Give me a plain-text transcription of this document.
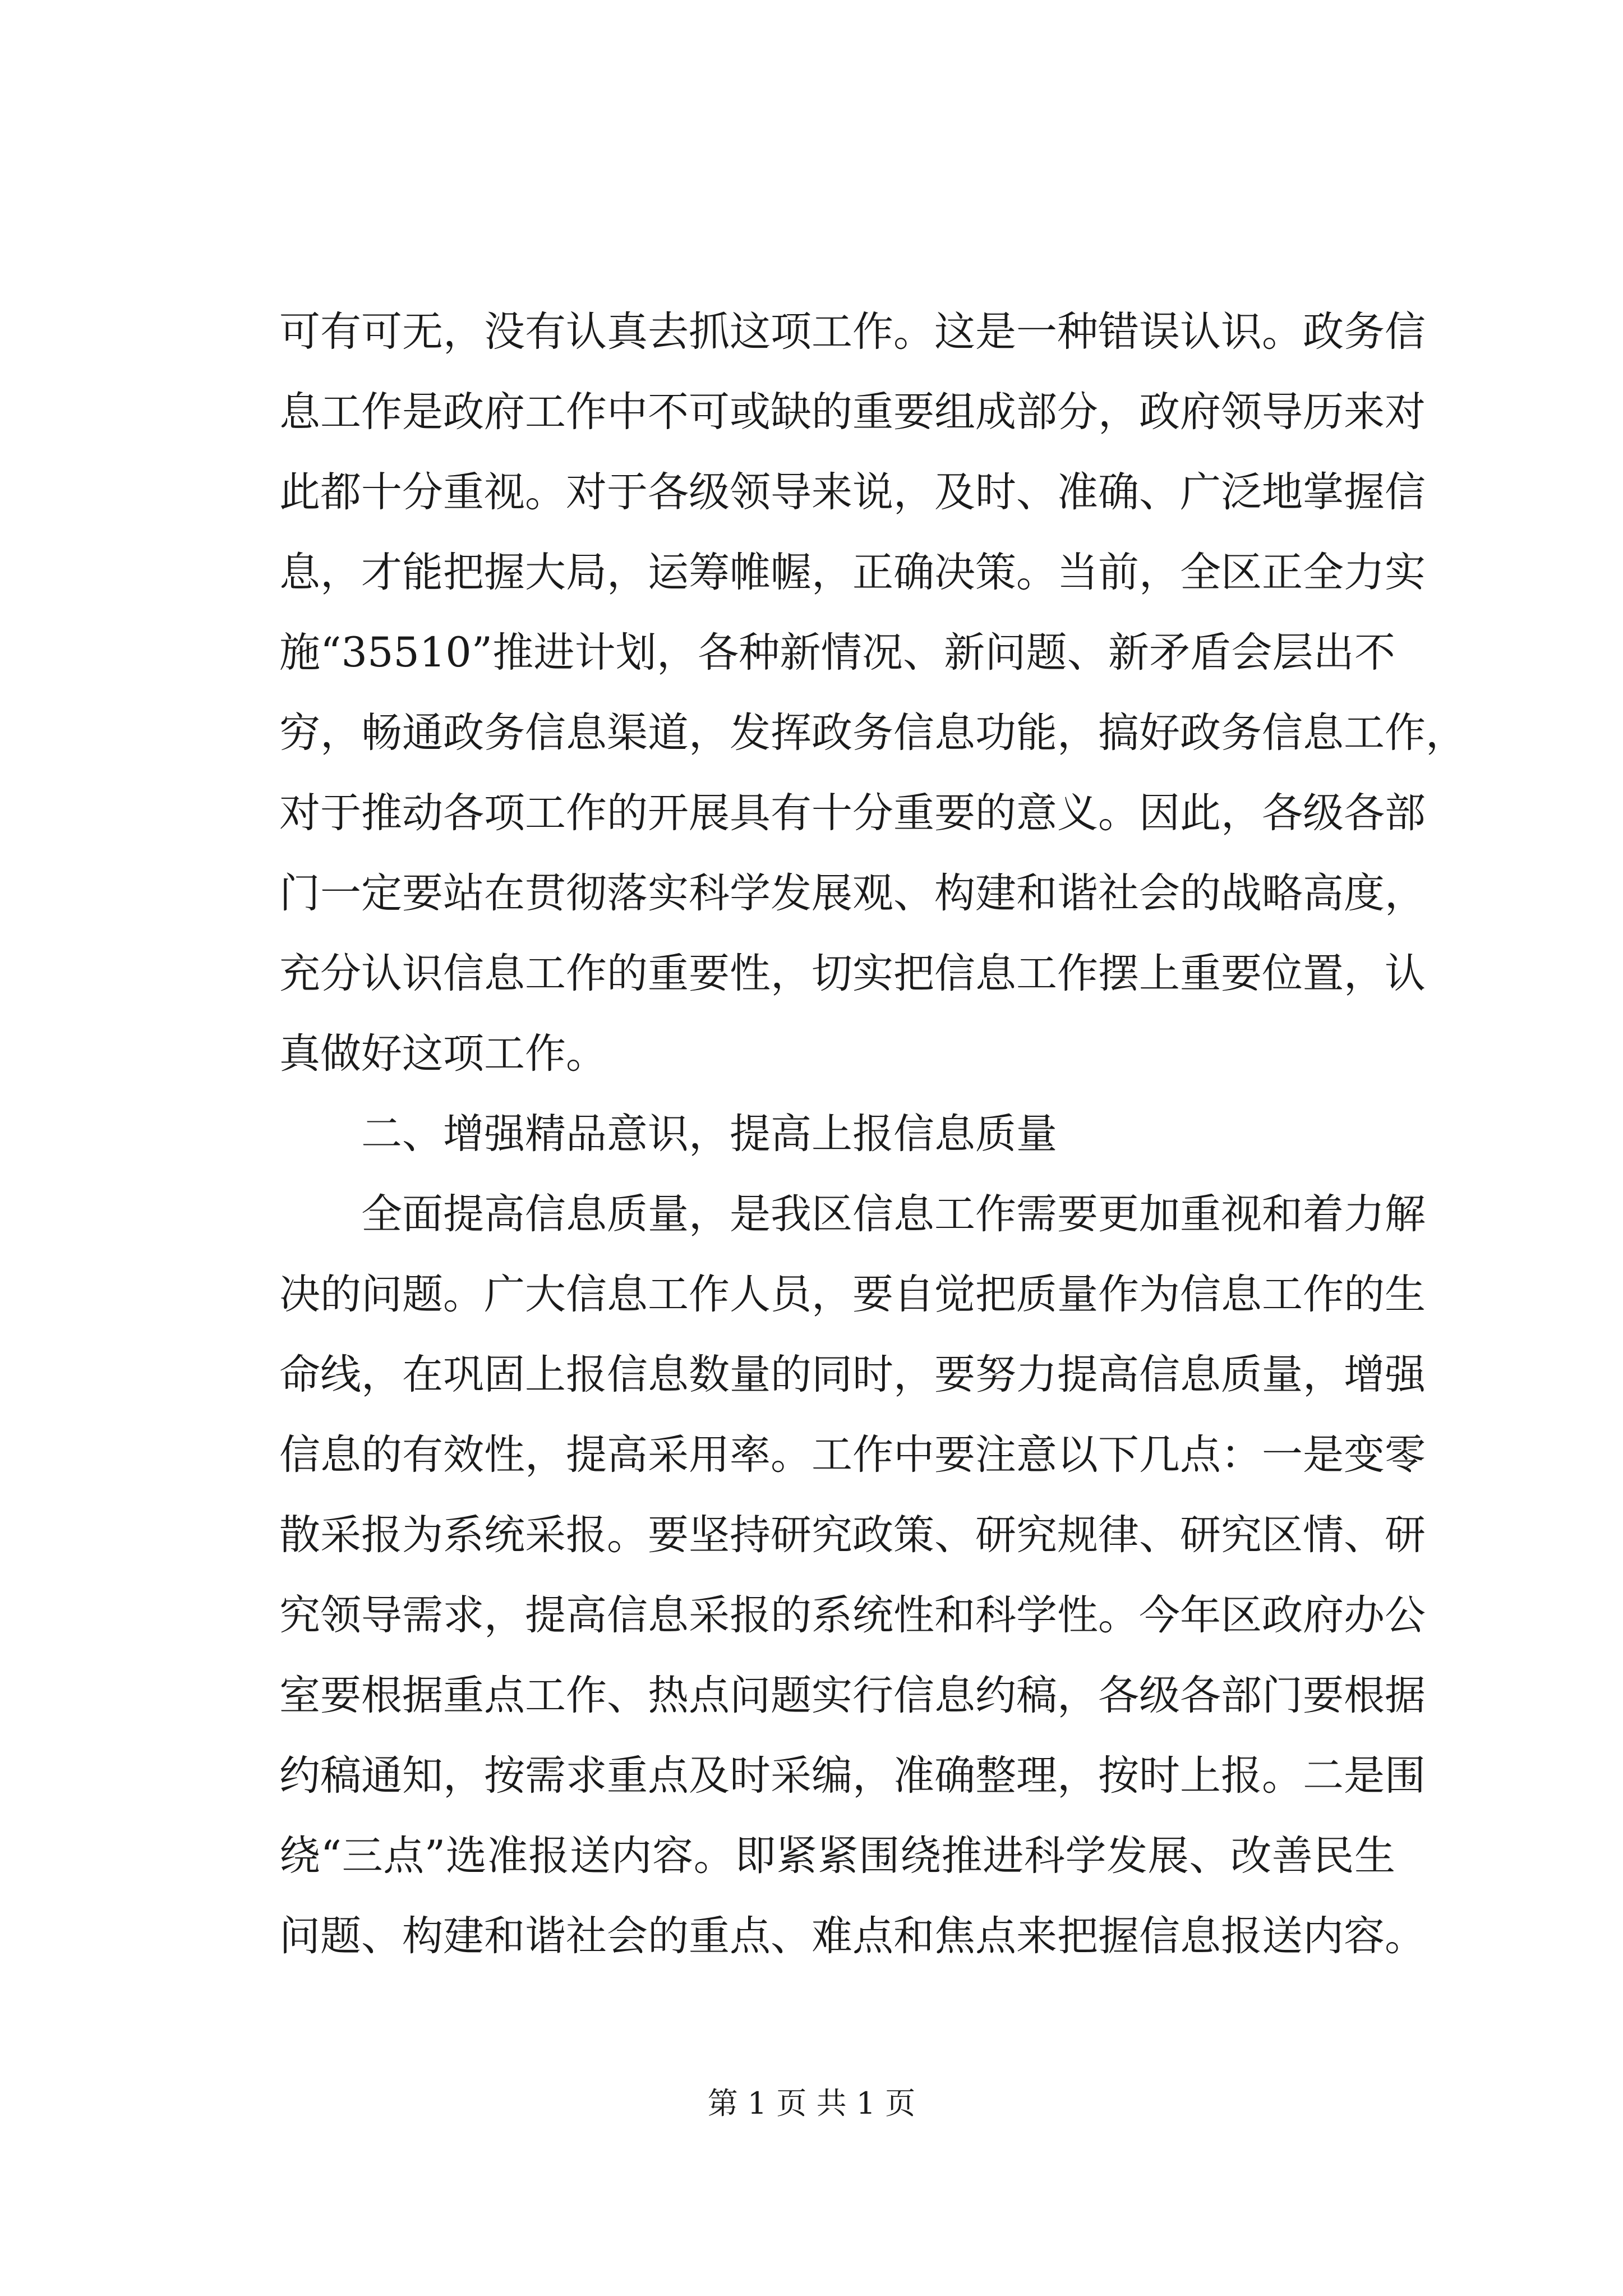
可有可无，没有认真去抓这项工作。这是一种错误认识。政务信
息工作是政府工作中不可或缺的重要组成部分，政府领导历来对
此都十分重视。对于各级领导来说，及时、准确、广泛地掌握信
息，才能把握大局，运筹帷幄，正确决策。当前，全区正全力实
施“35510”推进计划，各种新情况、新问题、新矛盾会层出不
穷，畅通政务信息渠道，发挥政务信息功能，搞好政务信息工作，
对于推动各项工作的开展具有十分重要的意义。因此，各级各部
门一定要站在贯彻落实科学发展观、构建和谐社会的战略高度，
充分认识信息工作的重要性，切实把信息工作摆上重要位置，认
真做好这项工作。
二、增强精品意识，提高上报信息质量
全面提高信息质量，是我区信息工作需要更加重视和着力解
决的问题。广大信息工作人员，要自觉把质量作为信息工作的生
命线，在巩固上报信息数量的同时，要努力提高信息质量，增强
信息的有效性，提高采用率。工作中要注意以下几点：一是变零
散采报为系统采报。要坚持研究政策、研究规律、研究区情、研
究领导需求，提高信息采报的系统性和科学性。今年区政府办公
室要根据重点工作、热点问题实行信息约稿，各级各部门要根据
约稿通知，按需求重点及时采编，准确整理，按时上报。二是围
绕“三点”选准报送内容。即紧紧围绕推进科学发展、改善民生
问题、构建和谐社会的重点、难点和焦点来把握信息报送内容。
第 1 页 共 1 页
